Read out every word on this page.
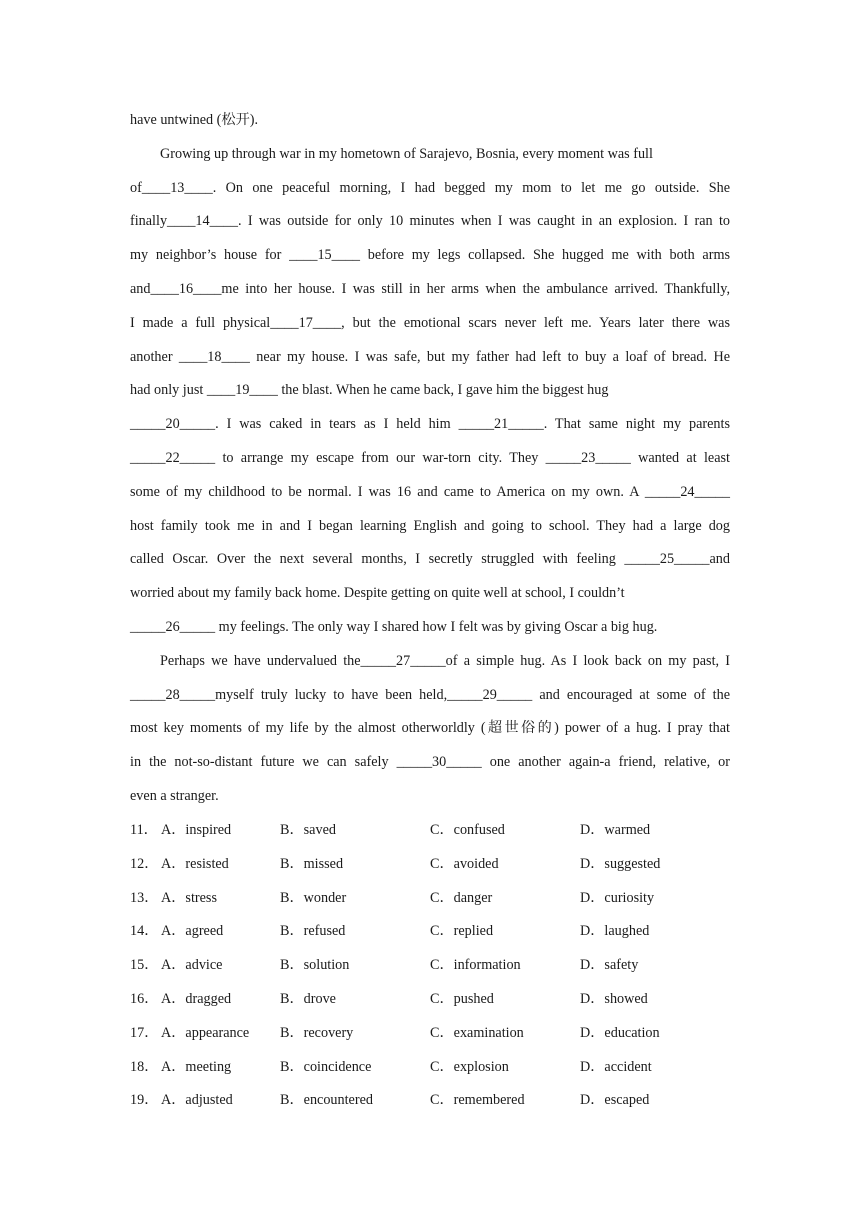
have untwined (松开).
Growing up through war in my hometown of Sarajevo, Bosnia, every moment was full
of____13____. On one peaceful morning, I had begged my mom to let me go outside. She
finally____14____. I was outside for only 10 minutes when I was caught in an explosion. I ran to
my neighbor’s house for ____15____ before my legs collapsed. She hugged me with both arms
and____16____me into her house. I was still in her arms when the ambulance arrived. Thankfully,
I made a full physical____17____, but the emotional scars never left me. Years later there was
another ____18____ near my house. I was safe, but my father had left to buy a loaf of bread. He
had only just ____19____ the blast. When he came back, I gave him the biggest hug
_____20_____. I was caked in tears as I held him _____21_____. That same night my parents
_____22_____ to arrange my escape from our war-torn city. They _____23_____ wanted at least
some of my childhood to be normal. I was 16 and came to America on my own. A _____24_____
host family took me in and I began learning English and going to school. They had a large dog
called Oscar. Over the next several months, I secretly struggled with feeling _____25_____and
worried about my family back home. Despite getting on quite well at school, I couldn’t
_____26_____ my feelings. The only way I shared how I felt was by giving Oscar a big hug.
Perhaps we have undervalued the_____27_____of a simple hug. As I look back on my past, I
_____28_____myself truly lucky to have been held,_____29_____ and encouraged at some of the
most key moments of my life by the almost otherworldly (超世俗的) power of a hug. I pray that
in the not-so-distant future we can safely _____30_____ one another again-a friend, relative, or
even a stranger.
11． A．inspired	B．saved	C．confused	D．warmed
12． A．resisted	B．missed	C．avoided	D．suggested
13． A．stress	B．wonder	C．danger	D．curiosity
14． A．agreed	B．refused	C．replied	D．laughed
15． A．advice	B．solution	C．information	D．safety
16． A．dragged	B．drove	C．pushed	D．showed
17． A．appearance B．recovery	C．examination	D．education
18． A．meeting	B．coincidence	C．explosion	D．accident
19． A．adjusted	B．encountered	C．remembered	D．escaped
